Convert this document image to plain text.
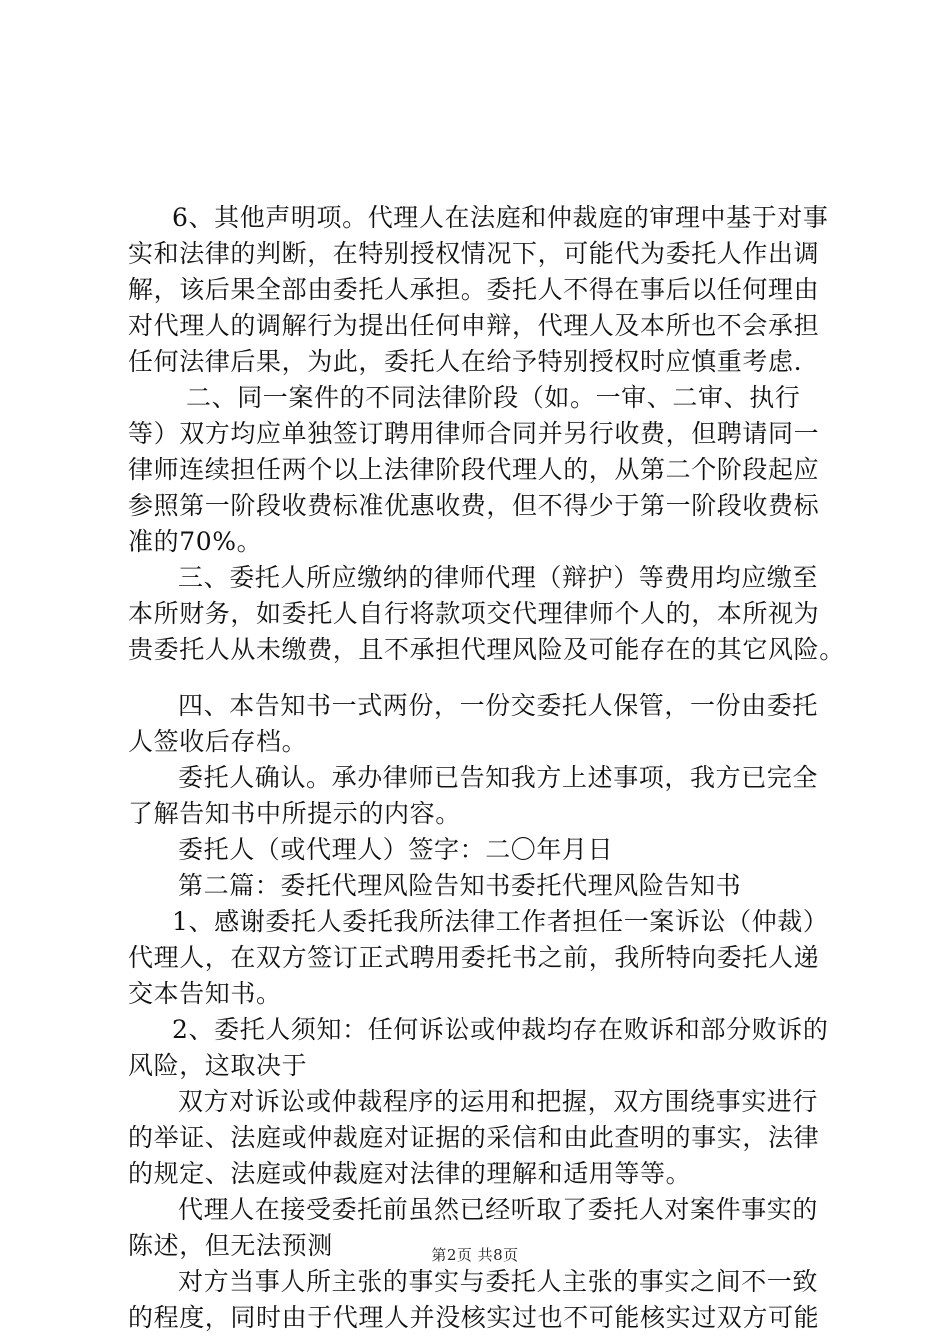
6、其他声明项。代理人在法庭和仲裁庭的审理中基于对事
实和法律的判断，在特别授权情况下，可能代为委托人作出调
解，该后果全部由委托人承担。委托人不得在事后以任何理由
对代理人的调解行为提出任何申辩，代理人及本所也不会承担
任何法律后果，为此，委托人在给予特别授权时应慎重考虑.
二、同一案件的不同法律阶段（如。一审、二审、执行
等）双方均应单独签订聘用律师合同并另行收费，但聘请同一
律师连续担任两个以上法律阶段代理人的，从第二个阶段起应
参照第一阶段收费标准优惠收费，但不得少于第一阶段收费标
准的70%。
三、委托人所应缴纳的律师代理（辩护）等费用均应缴至
本所财务，如委托人自行将款项交代理律师个人的，本所视为
贵委托人从未缴费，且不承担代理风险及可能存在的其它风险。
四、本告知书一式两份，一份交委托人保管，一份由委托
人签收后存档。
委托人确认。承办律师已告知我方上述事项，我方已完全
了解告知书中所提示的内容。
委托人（或代理人）签字：二〇年月日
第二篇：委托代理风险告知书委托代理风险告知书
1、感谢委托人委托我所法律工作者担任一案诉讼（仲裁）
代理人，在双方签订正式聘用委托书之前，我所特向委托人递
交本告知书。
2、委托人须知：任何诉讼或仲裁均存在败诉和部分败诉的
风险，这取决于
双方对诉讼或仲裁程序的运用和把握，双方围绕事实进行
的举证、法庭或仲裁庭对证据的采信和由此查明的事实，法律
的规定、法庭或仲裁庭对法律的理解和适用等等。
代理人在接受委托前虽然已经听取了委托人对案件事实的
陈述，但无法预测
对方当事人所主张的事实与委托人主张的事实之间不一致
的程度，同时由于代理人并没核实过也不可能核实过双方可能
第2页 共8页
